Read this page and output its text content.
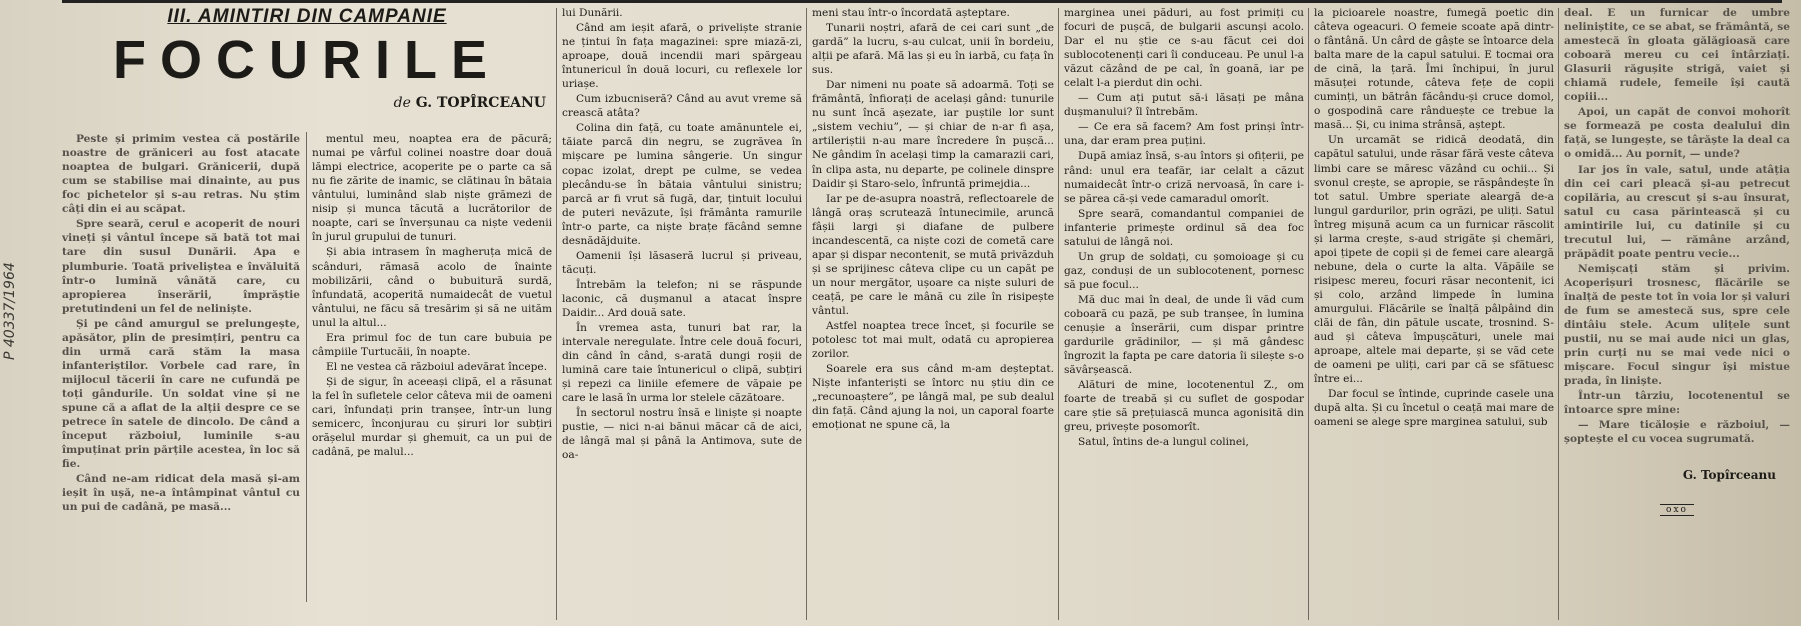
P 40337/1964
III. AMINTIRI DIN CAMPANIE
FOCURILE
de G. TOPÎRCEANU

Peste și primim vestea că postările noastre de grăniceri au fost atacate noaptea de bulgari. Grănicerii, după cum se stabilise mai dinainte, au pus foc pichetelor și s-au retras. Nu știm câți din ei au scăpat.

Spre seară, cerul e acoperit de nouri vineți și vântul începe să bată tot mai tare din susul Dunării. Apa e plumburie. Toată priveliștea e învăluită într-o lumină vânătă care, cu apropierea înserării, împrăștie pretutindeni un fel de neliniște.

Și pe când amurgul se prelungește, apăsător, plin de presimțiri, pentru ca din urmă cară stăm la masa infanteriștilor. Vorbele cad rare, în mijlocul tăcerii în care ne cufundă pe toți gândurile. Un soldat vine și ne spune că a aflat de la alții despre ce se petrece în satele de dincolo. De când a început războiul, luminile s-au împuținat prin părțile acestea, în loc să fie.

Când ne-am ridicat dela masă și-am ieșit în ușă, ne-a întâmpinat vântul cu un pui de cadână, pe masă...

mentul meu, noaptea era de păcură; numai pe vârful colinei noastre doar două lămpi electrice, acoperite pe o parte ca să nu fie zărite de inamic, se clătinau în bătaia vântului, luminând slab niște grămezi de nisip și munca tăcută a lucrătorilor de noapte, cari se înverșunau ca niște vedenii în jurul grupului de tunuri.

Și abia intrasem în magheruța mică de scânduri, rămasă acolo de înainte mobilizării, când o bubuitură surdă, înfundată, acoperită numaidecât de vuetul vântului, ne făcu să tresărim și să ne uităm unul la altul...

Era primul foc de tun care bubuia pe câmpiile Turtucăii, în noapte.

El ne vestea că războiul adevărat începe.

Și de sigur, în aceeași clipă, el a răsunat la fel în sufletele celor câteva mii de oameni cari, înfundați prin tranșee, într-un lung semicerc, înconjurau cu șiruri lor subțiri orășelul murdar și ghemuit, ca un pui de cadână, pe malul...

lui Dunării.

Când am ieșit afară, o priveliște stranie ne țintui în fața magazinei: spre miază-zi, aproape, două incendii mari spărgeau întunericul în două locuri, cu reflexele lor uriașe.

Cum izbucniseră? Când au avut vreme să crească atâta?

Colina din față, cu toate amănuntele ei, tăiate parcă din negru, se zugrăvea în mișcare pe lumina sângerie. Un singur copac izolat, drept pe culme, se vedea plecându-se în bătaia vântului sinistru; parcă ar fi vrut să fugă, dar, țintuit locului de puteri nevăzute, își frământa ramurile într-o parte, ca niște brațe făcând semne desnădăjduite.

Oamenii își lăsaseră lucrul și priveau, tăcuți.

Întrebăm la telefon; ni se răspunde laconic, că dușmanul a atacat înspre Daidir... Ard două sate.

În vremea asta, tunuri bat rar, la intervale neregulate. Între cele două focuri, din când în când, s-arată dungi roșii de lumină care taie întunericul o clipă, subțiri și repezi ca liniile efemere de văpaie pe care le lasă în urma lor stelele căzătoare.

În sectorul nostru însă e liniște și noapte pustie, — nici n-ai bănui măcar că de aici, de lângă mal și până la Antimova, sute de oa-

meni stau într-o încordată așteptare.

Tunarii noștri, afară de cei cari sunt „de gardă” la lucru, s-au culcat, unii în bordeiu, alții pe afară. Mă las și eu în iarbă, cu fața în sus.

Dar nimeni nu poate să adoarmă. Toți se frământă, înfiorați de același gând: tunurile nu sunt încă așezate, iar puștile lor sunt „sistem vechiu”, — și chiar de n-ar fi așa, artileriștii n-au mare încredere în pușcă... Ne gândim în același timp la camarazii cari, în clipa asta, nu departe, pe colinele dinspre Daidir și Staro-selo, înfruntă primejdia...

Iar pe de-asupra noastră, reflectoarele de lângă oraș scrutează întunecimile, aruncă fâșii largi și diafane de pulbere incandescentă, ca niște cozi de cometă care apar și dispar necontenit, se mută privăzduh și se sprijinesc câteva clipe cu un capăt pe un nour mergător, ușoare ca niște suluri de ceață, pe care le mână cu zile în risipește vântul.

Astfel noaptea trece încet, și focurile se potolesc tot mai mult, odată cu apropierea zorilor.

Soarele era sus când m-am deșteptat. Niște infanteriști se întorc nu știu din ce „recunoaștere”, pe lângă mal, pe sub dealul din față. Când ajung la noi, un caporal foarte emoționat ne spune că, la

marginea unei păduri, au fost primiți cu focuri de pușcă, de bulgarii ascunși acolo. Dar el nu știe ce s-au făcut cei doi sublocotenenți cari îi conduceau. Pe unul l-a văzut căzând de pe cal, în goană, iar pe celalt l-a pierdut din ochi.

— Cum ați putut să-i lăsați pe mâna dușmanului? îl întrebăm.

— Ce era să facem? Am fost prinși într-una, dar eram prea puțini.

După amiaz însă, s-au întors și ofițerii, pe rând: unul era teafăr, iar celalt a căzut numaidecât într-o criză nervoasă, în care i-se părea că-și vede camaradul omorît.

Spre seară, comandantul companiei de infanterie primește ordinul să dea foc satului de lângă noi.

Un grup de soldați, cu șomoioage și cu gaz, conduși de un sublocotenent, pornesc să pue focul...

Mă duc mai în deal, de unde îi văd cum coboară cu pază, pe sub tranșee, în lumina cenușie a înserării, cum dispar printre gardurile grădinilor, — și mă gândesc îngrozit la fapta pe care datoria îi silește s-o săvârșească.

Alături de mine, locotenentul Z., om foarte de treabă și cu suflet de gospodar care știe să prețuiască munca agonisită din greu, privește posomorît.

Satul, întins de-a lungul colinei,

la picioarele noastre, fumegă poetic din câteva ogeacuri. O femeie scoate apă dintr-o fântână. Un cârd de gâște se întoarce dela balta mare de la capul satului. E tocmai ora de cină, la țară. Îmi închipui, în jurul măsuței rotunde, câteva fețe de copii cuminți, un bătrân făcându-și cruce domol, o gospodină care rânduește ce trebue la masă... Și, cu inima strânsă, aștept.

Un urcamăt se ridică deodată, din capătul satului, unde răsar fără veste câteva limbi care se măresc văzând cu ochii... Și svonul crește, se apropie, se răspândește în tot satul. Umbre speriate aleargă de-a lungul gardurilor, prin ogrăzi, pe uliți. Satul întreg mișună acum ca un furnicar răscolit și larma crește, s-aud strigăte și chemări, apoi țipete de copii și de femei care aleargă nebune, dela o curte la alta. Văpăile se risipesc mereu, focuri răsar necontenit, ici și colo, arzând limpede în lumina amurgului. Flăcările se înalță pâlpâind din clăi de fân, din pătule uscate, trosnind. S-aud și câteva împușcături, unele mai aproape, altele mai departe, și se văd cete de oameni pe uliți, cari par că se sfătuesc între ei...

Dar focul se întinde, cuprinde casele una după alta. Și cu încetul o ceață mai mare de oameni se alege spre marginea satului, sub

deal. E un furnicar de umbre neliniștite, ce se abat, se frământă, se amestecă în gloata gălăgioasă care coboară mereu cu cei întârziați. Glasurii răgușite strigă, vaiet și chiamă rudele, femeile își caută copiii...

Apoi, un capăt de convoi mohorît se formează pe costa dealului din față, se lungește, se târăște la deal ca o omidă... Au pornit, — unde?

Iar jos în vale, satul, unde atâția din cei cari pleacă și-au petrecut copilăria, au crescut și s-au însurat, satul cu casa părintească și cu amintirile lui, cu datinile și cu trecutul lui, — rămâne arzând, prăpădit poate pentru vecie...

Nemișcați stăm și privim. Acoperișuri trosnesc, flăcările se înalță de peste tot în voia lor și valuri de fum se amestecă sus, spre cele dintâiu stele. Acum ulițele sunt pustii, nu se mai aude nici un glas, prin curți nu se mai vede nici o mișcare. Focul singur își mistue prada, în liniște.

Într-un târziu, locotenentul se întoarce spre mine:

— Mare ticăloșie e războiul, — șoptește el cu vocea sugrumată.

G. Topîrceanu
oxo
